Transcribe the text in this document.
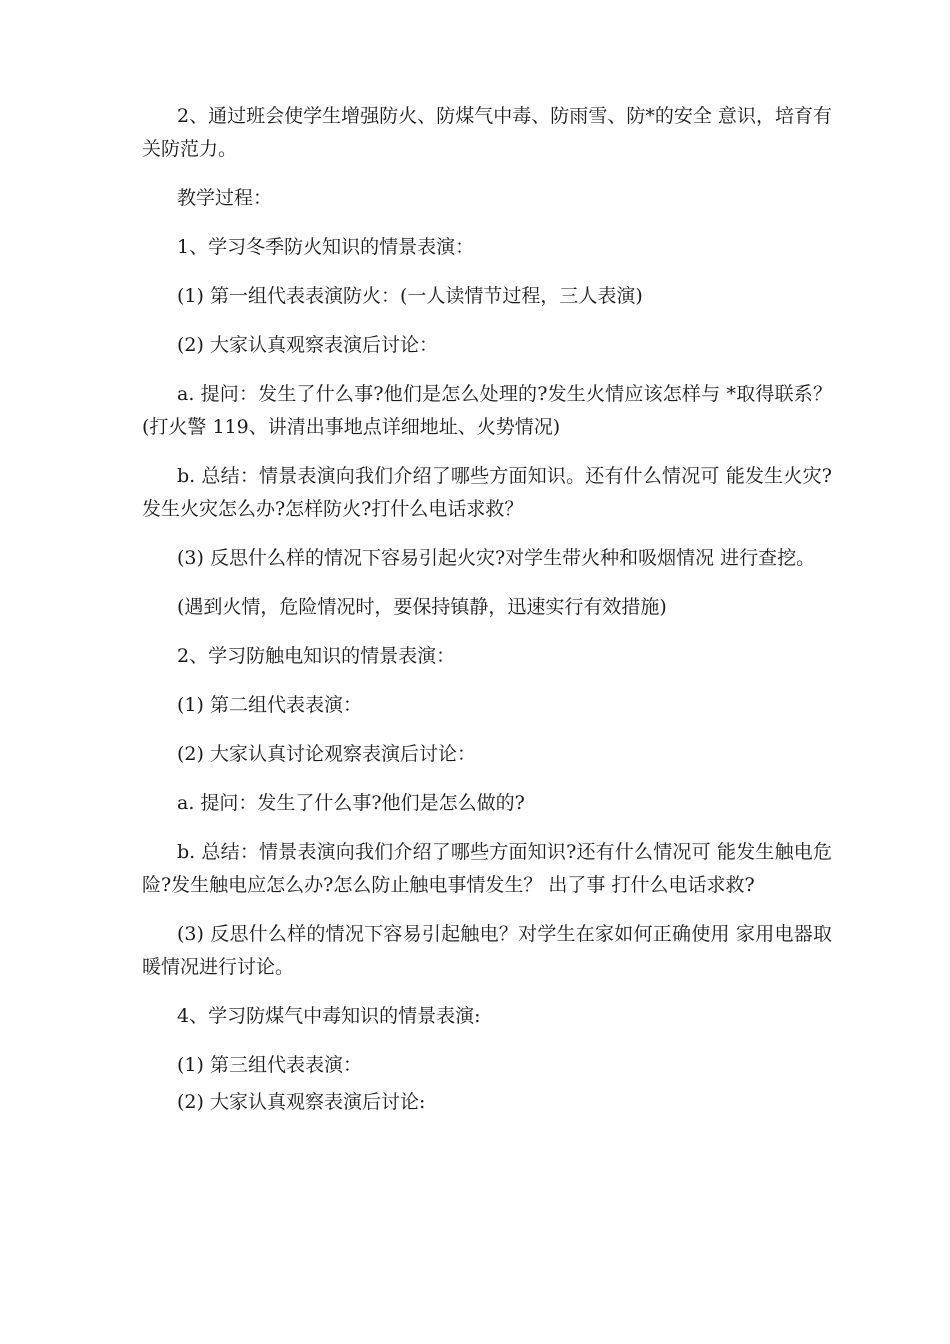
2、通过班会使学生增强防火、防煤气中毒、防雨雪、防*的安全 意识，培育有关防范力。

教学过程：

1、学习冬季防火知识的情景表演：

(1) 第一组代表表演防火：(一人读情节过程，三人表演)

(2) 大家认真观察表演后讨论：

a. 提问：发生了什么事?他们是怎么处理的?发生火情应该怎样与 *取得联系？(打火警 119、讲清出事地点详细地址、火势情况)

b. 总结：情景表演向我们介绍了哪些方面知识。还有什么情况可 能发生火灾?发生火灾怎么办?怎样防火?打什么电话求救？

(3) 反思什么样的情况下容易引起火灾?对学生带火种和吸烟情况 进行查挖。

(遇到火情，危险情况时，要保持镇静，迅速实行有效措施)

2、学习防触电知识的情景表演：

(1) 第二组代表表演：

(2) 大家认真讨论观察表演后讨论：

a. 提问：发生了什么事?他们是怎么做的?

b. 总结：情景表演向我们介绍了哪些方面知识?还有什么情况可 能发生触电危险?发生触电应怎么办?怎么防止触电事情发生？ 出了事 打什么电话求救?

(3) 反思什么样的情况下容易引起触电？对学生在家如何正确使用 家用电器取暖情况进行讨论。

4、学习防煤气中毒知识的情景表演:

(1) 第三组代表表演：

(2) 大家认真观察表演后讨论:
